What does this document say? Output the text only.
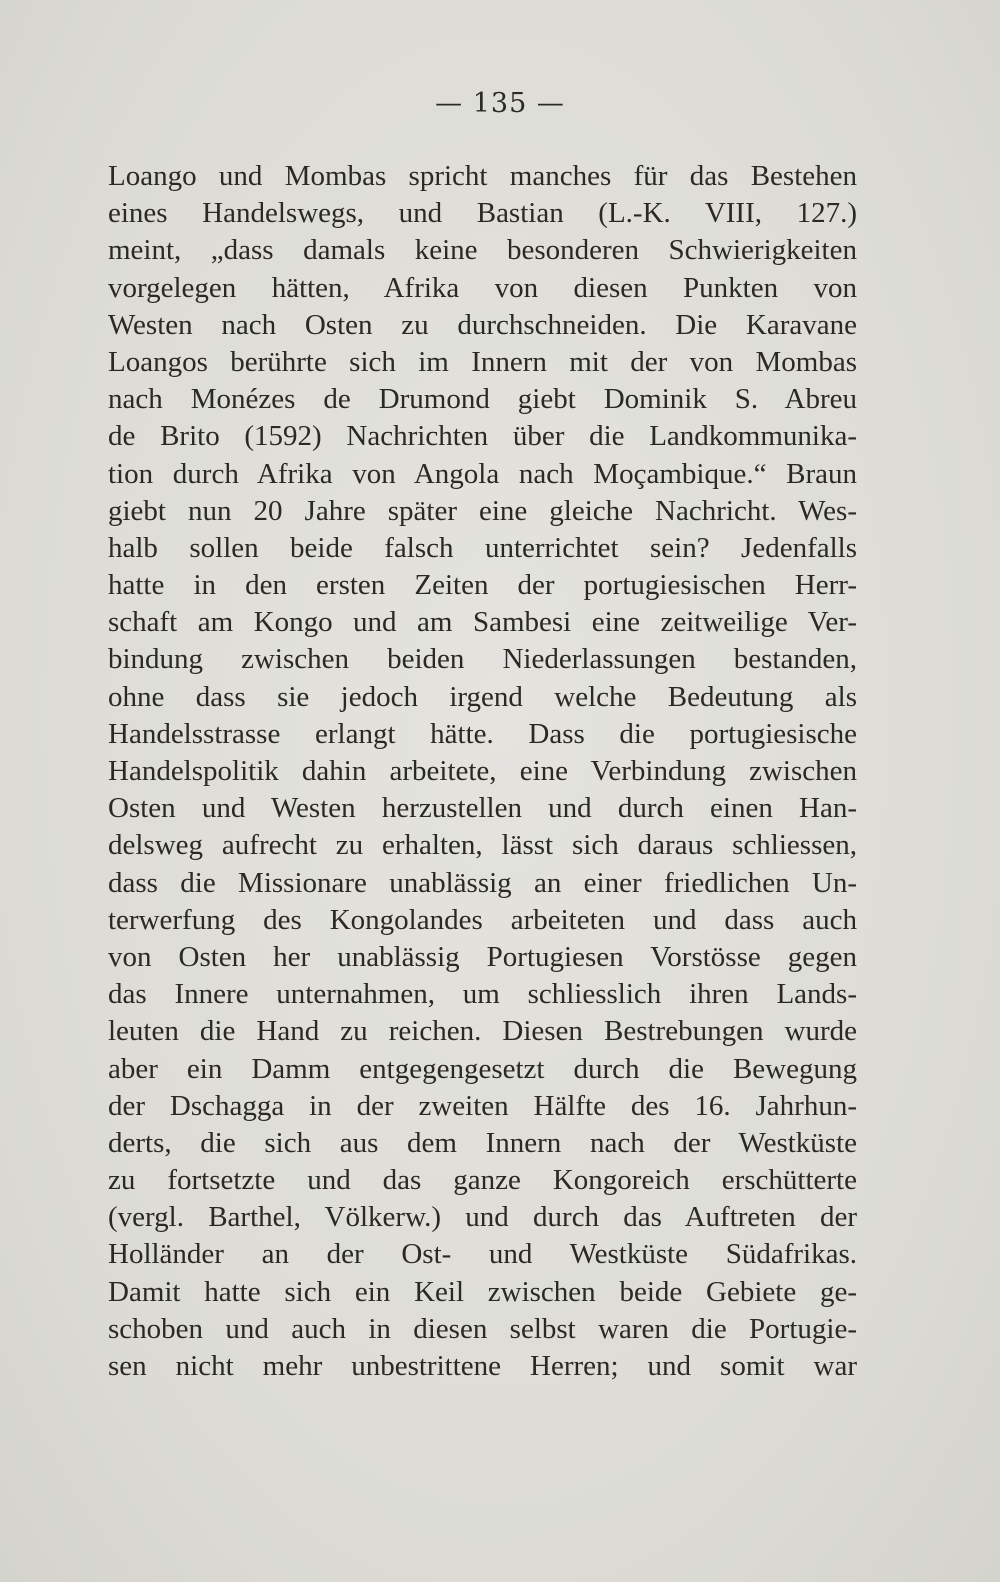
— 135 —
Loango und Mombas spricht manches für das Bestehen
eines Handelswegs, und Bastian (L.-K. VIII, 127.)
meint, „dass damals keine besonderen Schwierigkeiten
vorgelegen hätten, Afrika von diesen Punkten von
Westen nach Osten zu durchschneiden. Die Karavane
Loangos berührte sich im Innern mit der von Mombas
nach Monézes de Drumond giebt Dominik S. Abreu
de Brito (1592) Nachrichten über die Landkommunika-
tion durch Afrika von Angola nach Moçambique.“ Braun
giebt nun 20 Jahre später eine gleiche Nachricht. Wes-
halb sollen beide falsch unterrichtet sein? Jedenfalls
hatte in den ersten Zeiten der portugiesischen Herr-
schaft am Kongo und am Sambesi eine zeitweilige Ver-
bindung zwischen beiden Niederlassungen bestanden,
ohne dass sie jedoch irgend welche Bedeutung als
Handelsstrasse erlangt hätte. Dass die portugiesische
Handelspolitik dahin arbeitete, eine Verbindung zwischen
Osten und Westen herzustellen und durch einen Han-
delsweg aufrecht zu erhalten, lässt sich daraus schliessen,
dass die Missionare unablässig an einer friedlichen Un-
terwerfung des Kongolandes arbeiteten und dass auch
von Osten her unablässig Portugiesen Vorstösse gegen
das Innere unternahmen, um schliesslich ihren Lands-
leuten die Hand zu reichen. Diesen Bestrebungen wurde
aber ein Damm entgegengesetzt durch die Bewegung
der Dschagga in der zweiten Hälfte des 16. Jahrhun-
derts, die sich aus dem Innern nach der Westküste
zu fortsetzte und das ganze Kongoreich erschütterte
(vergl. Barthel, Völkerw.) und durch das Auftreten der
Holländer an der Ost- und Westküste Südafrikas.
Damit hatte sich ein Keil zwischen beide Gebiete ge-
schoben und auch in diesen selbst waren die Portugie-
sen nicht mehr unbestrittene Herren; und somit war
